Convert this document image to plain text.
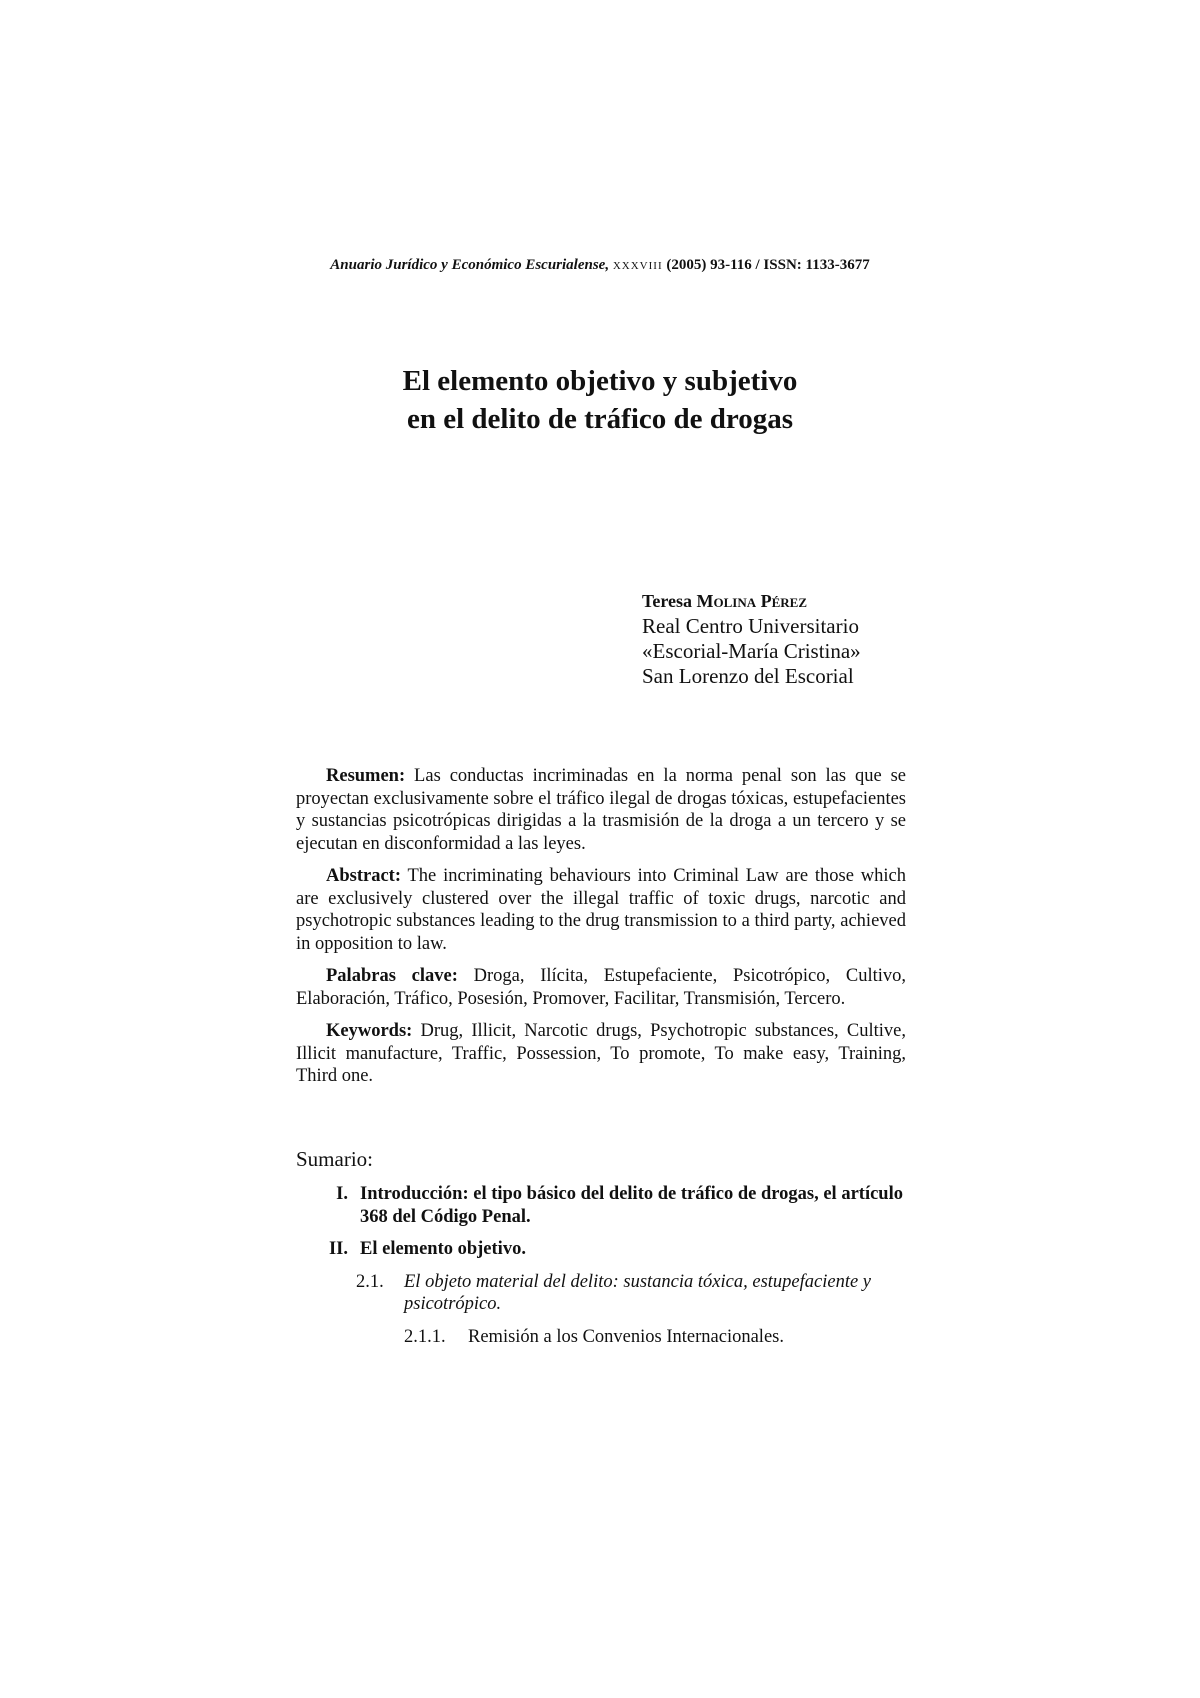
Anuario Jurídico y Económico Escurialense, xxxviii (2005) 93-116 / ISSN: 1133-3677
El elemento objetivo y subjetivo
en el delito de tráfico de drogas
Teresa Molina Pérez
Real Centro Universitario
«Escorial-María Cristina»
San Lorenzo del Escorial

Resumen: Las conductas incriminadas en la norma penal son las que se proyectan exclusivamente sobre el tráfico ilegal de drogas tóxicas, estupefacientes y sustancias psicotrópicas dirigidas a la trasmisión de la droga a un tercero y se ejecutan en disconformidad a las leyes.

Abstract: The incriminating behaviours into Criminal Law are those which are exclusively clustered over the illegal traffic of toxic drugs, narcotic and psychotropic substances leading to the drug transmission to a third party, achieved in opposition to law.

Palabras clave: Droga, Ilícita, Estupefaciente, Psicotrópico, Cultivo, Elaboración, Tráfico, Posesión, Promover, Facilitar, Transmisión, Tercero.

Keywords: Drug, Illicit, Narcotic drugs, Psychotropic substances, Cultive, Illicit manufacture, Traffic, Possession, To promote, To make easy, Training, Third one.

Sumario:
I. Introducción: el tipo básico del delito de tráfico de drogas, el artículo 368 del Código Penal.
II. El elemento objetivo.
2.1.	El objeto material del delito: sustancia tóxica, estupefaciente y psicotrópico.
2.1.1.	Remisión a los Convenios Internacionales.
